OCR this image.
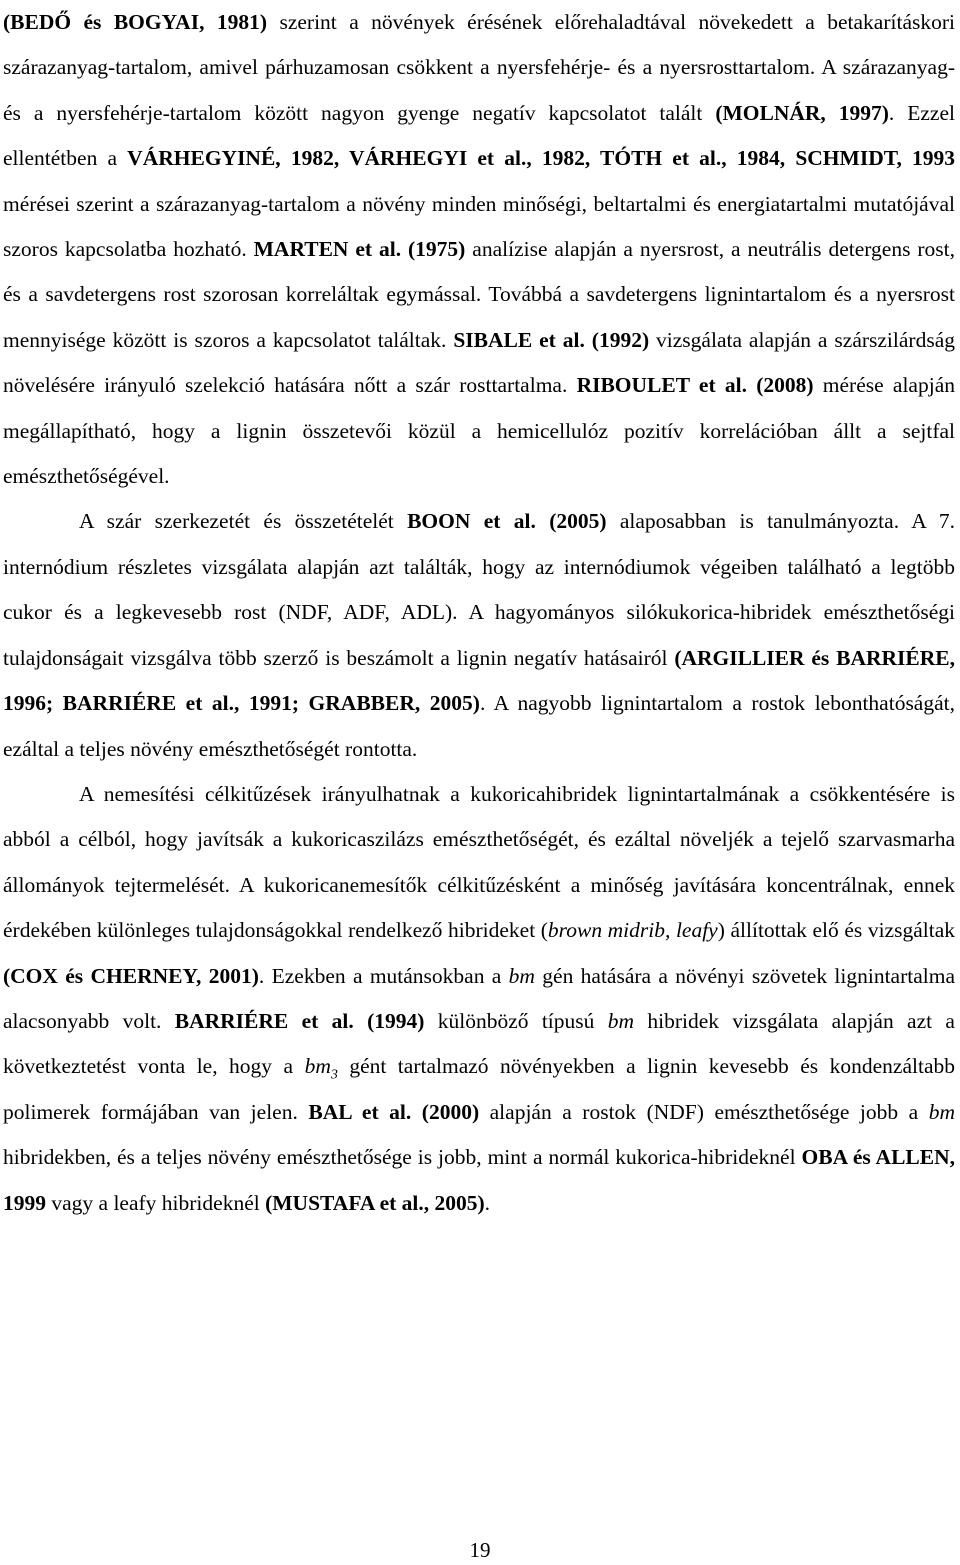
(BEDŐ és BOGYAI, 1981) szerint a növények érésének előrehaladtával növekedett a betakarításkori szárazanyag-tartalom, amivel párhuzamosan csökkent a nyersfehérje- és a nyersrosttartalom. A szárazanyag- és a nyersfehérje-tartalom között nagyon gyenge negatív kapcsolatot talált (MOLNÁR, 1997). Ezzel ellentétben a VÁRHEGYINÉ, 1982, VÁRHEGYI et al., 1982, TÓTH et al., 1984, SCHMIDT, 1993 mérései szerint a szárazanyag-tartalom a növény minden minőségi, beltartalmi és energiatartalmi mutatójával szoros kapcsolatba hozható. MARTEN et al. (1975) analízise alapján a nyersrost, a neutrális detergens rost, és a savdetergens rost szorosan korreláltak egymással. Továbbá a savdetergens lignintartalom és a nyersrost mennyisége között is szoros a kapcsolatot találtak. SIBALE et al. (1992) vizsgálata alapján a szárszilárdság növelésére irányuló szelekció hatására nőtt a szár rosttartalma. RIBOULET et al. (2008) mérése alapján megállapítható, hogy a lignin összetevői közül a hemicellulóz pozitív korrelációban állt a sejtfal emészthetőségével.

A szár szerkezetét és összetételét BOON et al. (2005) alaposabban is tanulmányozta. A 7. internódium részletes vizsgálata alapján azt találták, hogy az internódiumok végeiben található a legtöbb cukor és a legkevesebb rost (NDF, ADF, ADL). A hagyományos silókukorica-hibridek emészthetőségi tulajdonságait vizsgálva több szerző is beszámolt a lignin negatív hatásairól (ARGILLIER és BARRIÉRE, 1996; BARRIÉRE et al., 1991; GRABBER, 2005). A nagyobb lignintartalom a rostok lebonthatóságát, ezáltal a teljes növény emészthetőségét rontotta.

A nemesítési célkitűzések irányulhatnak a kukoricahibridek lignintartalmának a csökkentésére is abból a célból, hogy javítsák a kukoricaszilázs emészthetőségét, és ezáltal növeljék a tejelő szarvasmarha állományok tejtermelését. A kukoricanemesítők célkitűzésként a minőség javítására koncentrálnak, ennek érdekében különleges tulajdonságokkal rendelkező hibrideket (brown midrib, leafy) állítottak elő és vizsgáltak (COX és CHERNEY, 2001). Ezekben a mutánsokban a bm gén hatására a növényi szövetek lignintartalma alacsonyabb volt. BARRIÉRE et al. (1994) különböző típusú bm hibridek vizsgálata alapján azt a következtetést vonta le, hogy a $bm_3$ gént tartalmazó növényekben a lignin kevesebb és kondenzáltabb polimerek formájában van jelen. BAL et al. (2000) alapján a rostok (NDF) emészthetősége jobb a bm hibridekben, és a teljes növény emészthetősége is jobb, mint a normál kukorica-hibrideknél OBA és ALLEN, 1999 vagy a leafy hibrideknél (MUSTAFA et al., 2005).

19
